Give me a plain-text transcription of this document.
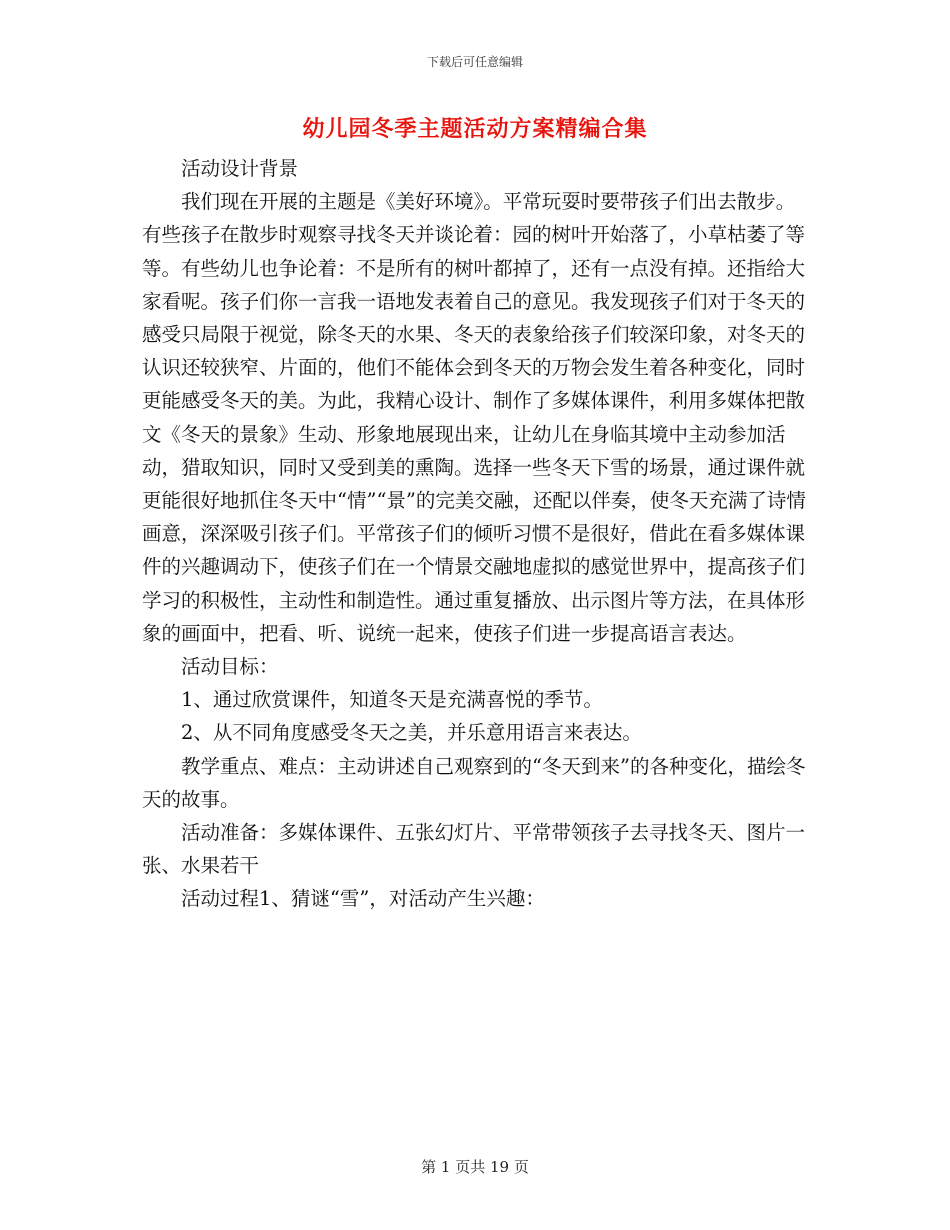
下载后可任意编辑
幼儿园冬季主题活动方案精编合集

活动设计背景

我们现在开展的主题是《美好环境》。平常玩耍时要带孩子们出去散步。有些孩子在散步时观察寻找冬天并谈论着：园的树叶开始落了，小草枯萎了等等。有些幼儿也争论着：不是所有的树叶都掉了，还有一点没有掉。还指给大家看呢。孩子们你一言我一语地发表着自己的意见。我发现孩子们对于冬天的感受只局限于视觉，除冬天的水果、冬天的表象给孩子们较深印象，对冬天的认识还较狭窄、片面的，他们不能体会到冬天的万物会发生着各种变化，同时更能感受冬天的美。为此，我精心设计、制作了多媒体课件，利用多媒体把散文《冬天的景象》生动、形象地展现出来，让幼儿在身临其境中主动参加活动，猎取知识，同时又受到美的熏陶。选择一些冬天下雪的场景，通过课件就更能很好地抓住冬天中“情”“景”的完美交融，还配以伴奏，使冬天充满了诗情画意，深深吸引孩子们。平常孩子们的倾听习惯不是很好，借此在看多媒体课件的兴趣调动下，使孩子们在一个情景交融地虚拟的感觉世界中，提高孩子们学习的积极性，主动性和制造性。通过重复播放、出示图片等方法，在具体形象的画面中，把看、听、说统一起来，使孩子们进一步提高语言表达。

活动目标：

1、通过欣赏课件，知道冬天是充满喜悦的季节。

2、从不同角度感受冬天之美，并乐意用语言来表达。

教学重点、难点：主动讲述自己观察到的“冬天到来”的各种变化，描绘冬天的故事。

活动准备：多媒体课件、五张幻灯片、平常带领孩子去寻找冬天、图片一张、水果若干

活动过程1、猜谜“雪”，对活动产生兴趣：

第 1 页共 19 页
